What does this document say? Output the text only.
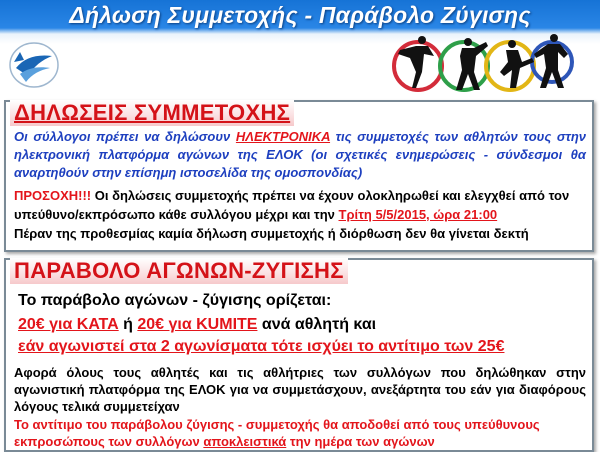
Δήλωση Συμμετοχής - Παράβολο Ζύγισης
ΔΗΛΩΣΕΙΣ ΣΥΜΜΕΤΟΧΗΣ
Οι σύλλογοι πρέπει να δηλώσουν ΗΛΕΚΤΡΟΝΙΚΑ τις συμμετοχές των αθλητών τους στην ηλεκτρονική πλατφόρμα αγώνων της ΕΛΟΚ (οι σχετικές ενημερώσεις - σύνδεσμοι θα αναρτηθούν στην επίσημη ιστοσελίδα της ομοσπονδίας)
ΠΡΟΣΟΧΗ!!! Οι δηλώσεις συμμετοχής πρέπει να έχουν ολοκληρωθεί και ελεγχθεί από τον υπεύθυνο/εκπρόσωπο κάθε συλλόγου μέχρι και την Τρίτη 5/5/2015, ώρα 21:00
Πέραν της προθεσμίας καμία δήλωση συμμετοχής ή διόρθωση δεν θα γίνεται δεκτή
ΠΑΡΑΒΟΛΟ ΑΓΩΝΩΝ-ΖΥΓΙΣΗΣ
Το παράβολο αγώνων - ζύγισης ορίζεται:
20€ για ΚΑΤΑ ή 20€ για KUMITE ανά αθλητή και
εάν αγωνιστεί στα 2 αγωνίσματα τότε ισχύει το αντίτιμο των 25€
Αφορά όλους τους αθλητές και τις αθλήτριες των συλλόγων που δηλώθηκαν στην αγωνιστική πλατφόρμα της ΕΛΟΚ για να συμμετάσχουν, ανεξάρτητα του εάν για διαφόρους λόγους τελικά συμμετείχαν
Το αντίτιμο του παράβολου ζύγισης - συμμετοχής θα αποδοθεί από τους υπεύθυνους εκπροσώπους των συλλόγων αποκλειστικά την ημέρα των αγώνων
